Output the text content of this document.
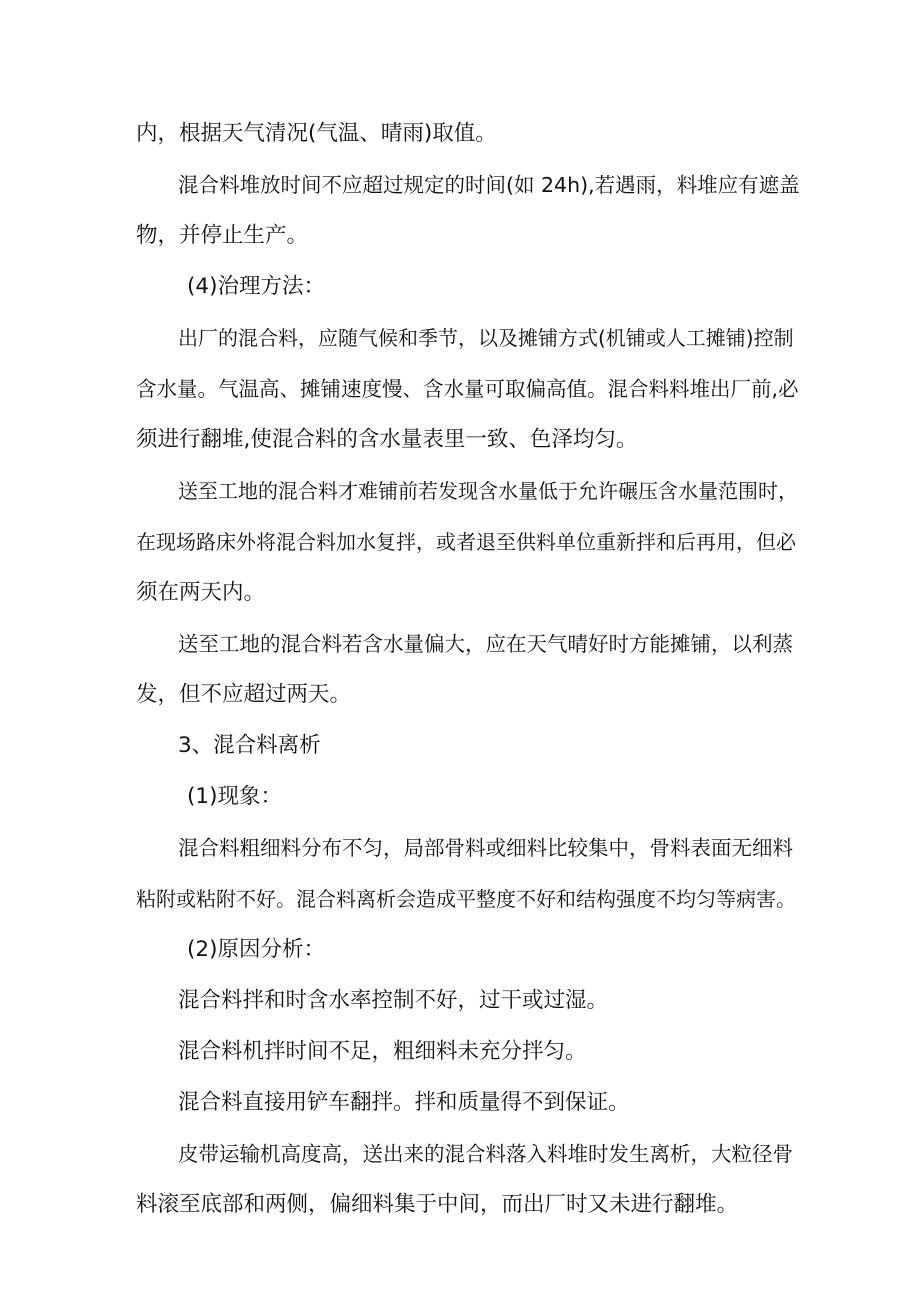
内，根据天气清况(气温、晴雨)取值。
混合料堆放时间不应超过规定的时间(如 24h),若遇雨，料堆应有遮盖
物，并停止生产。
(4)治理方法：
出厂的混合料，应随气候和季节，以及摊铺方式(机铺或人工摊铺)控制
含水量。气温高、摊铺速度慢、含水量可取偏高值。混合料料堆出厂前,必
须进行翻堆,使混合料的含水量表里一致、色泽均匀。
送至工地的混合料才难铺前若发现含水量低于允许碾压含水量范围时，
在现场路床外将混合料加水复拌，或者退至供料单位重新拌和后再用，但必
须在两天内。
送至工地的混合料若含水量偏大，应在天气晴好时方能摊铺，以利蒸
发，但不应超过两天。
3、混合料离析
(1)现象：
混合料粗细料分布不匀，局部骨料或细料比较集中，骨料表面无细料
粘附或粘附不好。混合料离析会造成平整度不好和结构强度不均匀等病害。
(2)原因分析：
混合料拌和时含水率控制不好，过干或过湿。
混合料机拌时间不足，粗细料未充分拌匀。
混合料直接用铲车翻拌。拌和质量得不到保证。
皮带运输机高度高，送出来的混合料落入料堆时发生离析，大粒径骨
料滚至底部和两侧，偏细料集于中间，而出厂时又未进行翻堆。
